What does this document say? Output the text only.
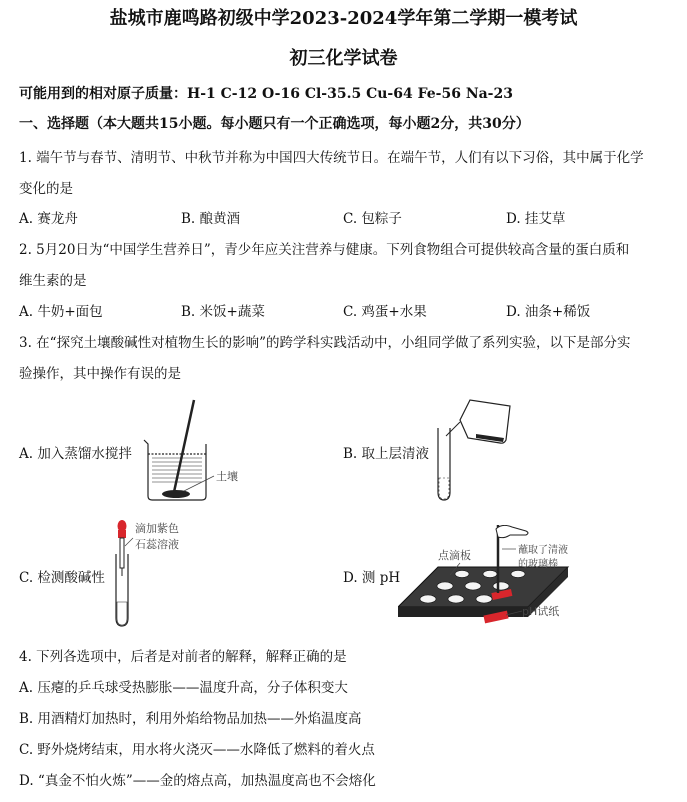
盐城市鹿鸣路初级中学2023-2024学年第二学期一模考试
初三化学试卷
可能用到的相对原子质量：H-1 C-12 O-16 Cl-35.5 Cu-64 Fe-56 Na-23
一、选择题（本大题共15小题。每小题只有一个正确选项，每小题2分，共30分）
1. 端午节与春节、清明节、中秋节并称为中国四大传统节日。在端午节，人们有以下习俗，其中属于化学
变化的是
A. 赛龙舟	B. 酿黄酒	C. 包粽子	D. 挂艾草
2. 5月20日为“中国学生营养日”，青少年应关注营养与健康。下列食物组合可提供较高含量的蛋白质和
维生素的是
A. 牛奶+面包	B. 米饭+蔬菜	C. 鸡蛋+水果	D. 油条+稀饭
3. 在“探究土壤酸碱性对植物生长的影响”的跨学科实践活动中，小组同学做了系列实验，以下是部分实
验操作，其中操作有误的是
A. 加入蒸馏水搅拌	B. 取上层清液
C. 检测酸碱性	D. 测 pH
土壤
滴加紫色
石蕊溶液
点滴板	蘸取了清液
的玻璃棒
pH试纸
4. 下列各选项中，后者是对前者的解释，解释正确的是
A. 压瘪的乒乓球受热膨胀——温度升高，分子体积变大
B. 用酒精灯加热时，利用外焰给物品加热——外焰温度高
C. 野外烧烤结束，用水将火浇灭——水降低了燃料的着火点
D. “真金不怕火炼”——金的熔点高，加热温度高也不会熔化
